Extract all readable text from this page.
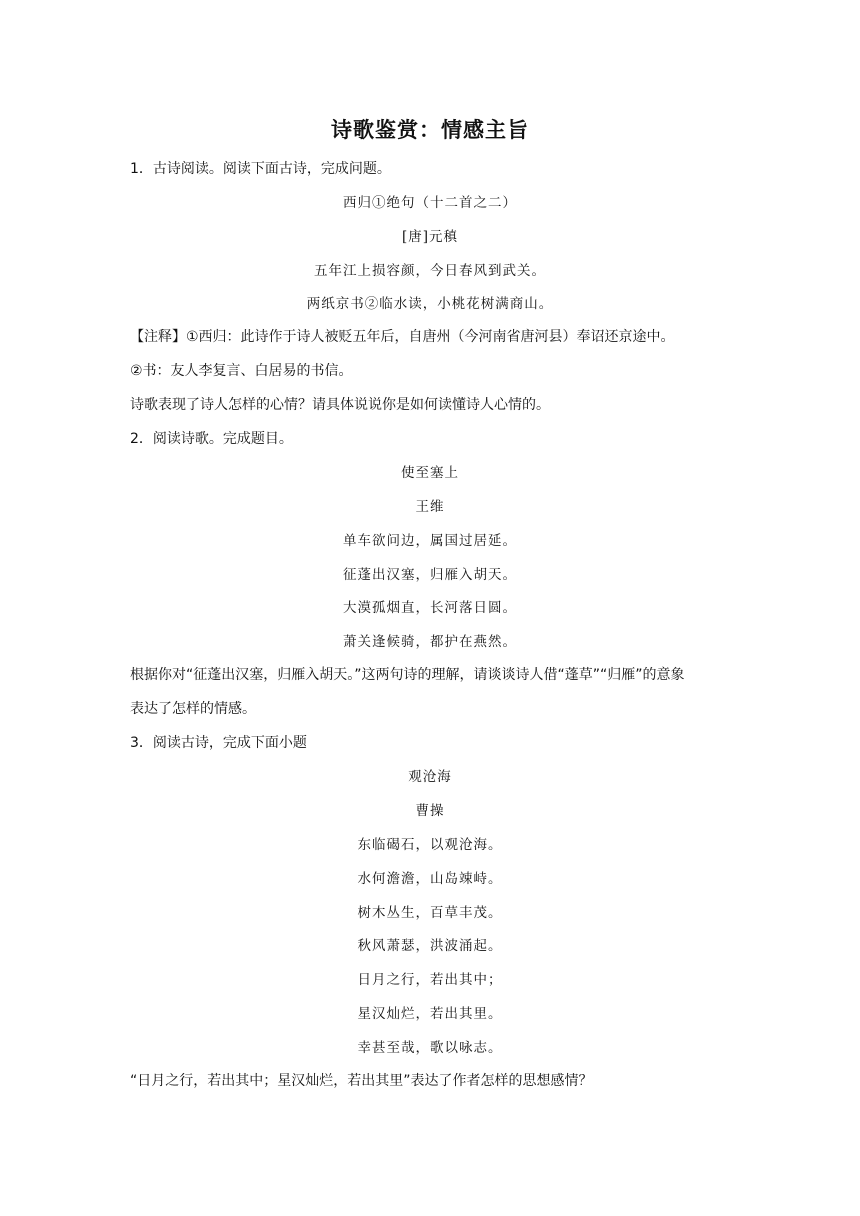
诗歌鉴赏：情感主旨
1．古诗阅读。阅读下面古诗，完成问题。
西归①绝句（十二首之二）
[唐]元稹
五年江上损容颜，今日春风到武关。
两纸京书②临水读，小桃花树满商山。
【注释】①西归：此诗作于诗人被贬五年后，自唐州（今河南省唐河县）奉诏还京途中。
②书：友人李复言、白居易的书信。
诗歌表现了诗人怎样的心情？请具体说说你是如何读懂诗人心情的。
2．阅读诗歌。完成题目。
使至塞上
王维
单车欲问边，属国过居延。
征蓬出汉塞，归雁入胡天。
大漠孤烟直，长河落日圆。
萧关逢候骑，都护在燕然。
根据你对“征蓬出汉塞，归雁入胡天。”这两句诗的理解，请谈谈诗人借“蓬草”“归雁”的意象
表达了怎样的情感。
3．阅读古诗，完成下面小题
观沧海
曹操
东临碣石，以观沧海。
水何澹澹，山岛竦峙。
树木丛生，百草丰茂。
秋风萧瑟，洪波涌起。
日月之行，若出其中；
星汉灿烂，若出其里。
幸甚至哉，歌以咏志。
“日月之行，若出其中；星汉灿烂，若出其里”表达了作者怎样的思想感情？
